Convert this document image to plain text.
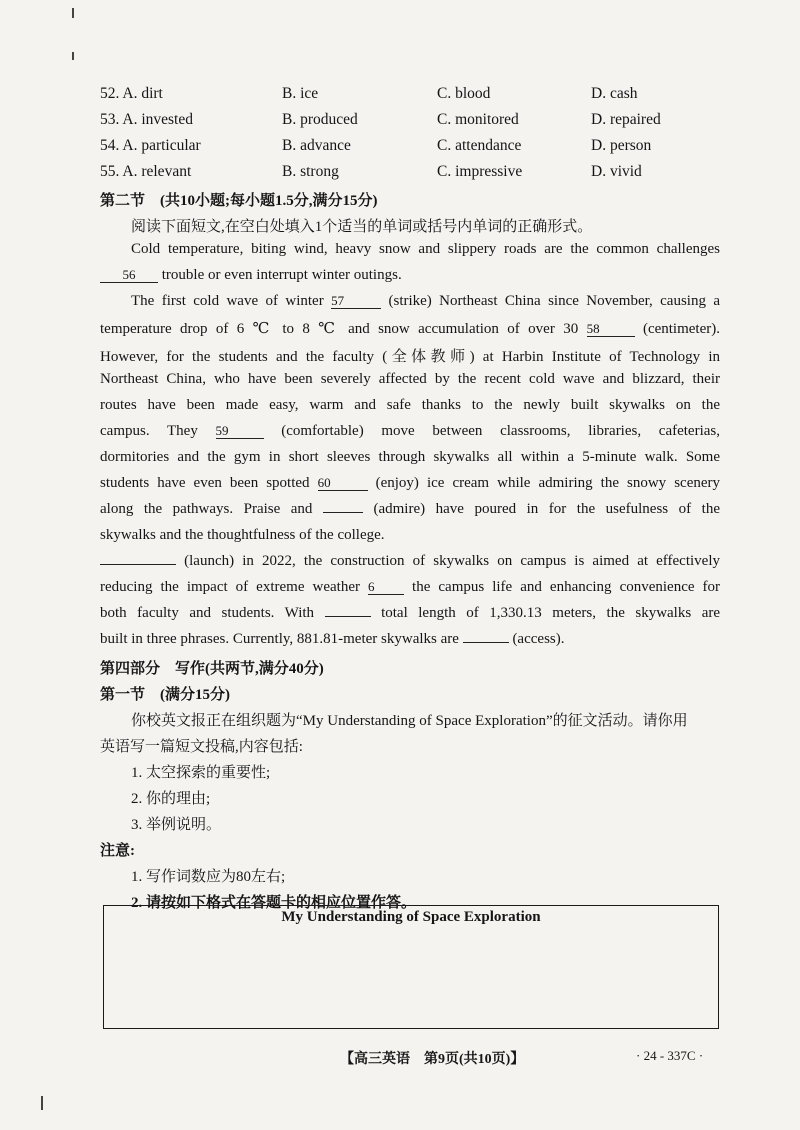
52. A. dirt	B. ice	C. blood	D. cash
53. A. invested	B. produced	C. monitored	D. repaired
54. A. particular	B. advance	C. attendance	D. person
55. A. relevant	B. strong	C. impressive	D. vivid
第二节　(共10小题;每小题1.5分,满分15分)
阅读下面短文,在空白处填入1个适当的单词或括号内单词的正确形式。
Cold temperature, biting wind, heavy snow and slippery roads are the common challenges
56 trouble or even interrupt winter outings.
The first cold wave of winter 57	(strike) Northeast China since November, causing a
temperature drop of 6 ℃ to 8 ℃ and snow accumulation of over 30 58	(centimeter).
However, for the students and the faculty (全体教师) at Harbin Institute of Technology in
Northeast China, who have been severely affected by the recent cold wave and blizzard, their
routes have been made easy, warm and safe thanks to the newly built skywalks on the
campus. They 59	(comfortable) move between classrooms, libraries, cafeterias,
dormitories and the gym in short sleeves through skywalks all within a 5-minute walk. Some
students have even been spotted 60	(enjoy) ice cream while admiring the snowy scenery
along the pathways. Praise and	(admire) have poured in for the usefulness of the
skywalks and the thoughtfulness of the college.
(launch) in 2022, the construction of skywalks on campus is aimed at effectively
reducing the impact of extreme weather 6	the campus life and enhancing convenience for
both faculty and students. With	total length of 1,330.13 meters, the skywalks are
built in three phrases. Currently, 881.81-meter skywalks are	(access).
第四部分　写作(共两节,满分40分)
第一节　(满分15分)
你校英文报正在组织题为“My Understanding of Space Exploration”的征文活动。请你用
英语写一篇短文投稿,内容包括:
1. 太空探索的重要性;
2. 你的理由;
3. 举例说明。
注意:
1. 写作词数应为80左右;
2. 请按如下格式在答题卡的相应位置作答。
My Understanding of Space Exploration
【高三英语　第9页(共10页)】	· 24 - 337C ·
